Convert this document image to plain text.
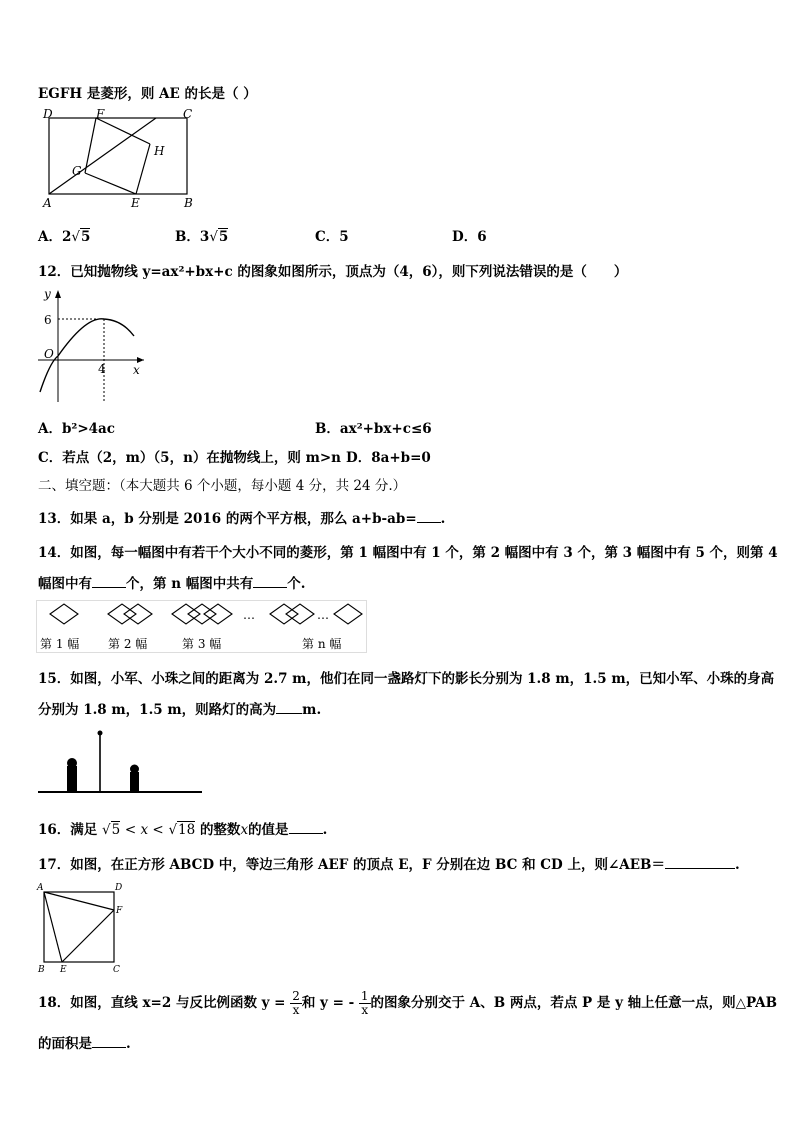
EGFH 是菱形，则 AE 的长是（ ）
D	F	C
H
G
A	E	B
A．2√5	B．3√5	C．5	D．6
12．已知抛物线 y=ax²+bx+c 的图象如图所示，顶点为（4，6），则下列说法错误的是（　　）
y
x
6
O
4
A．b²>4ac	B．ax²+bx+c≤6
C．若点（2，m）（5，n）在抛物线上，则 m>n D．8a+b=0
二、填空题：（本大题共 6 个小题，每小题 4 分，共 24 分.）
13．如果 a，b 分别是 2016 的两个平方根，那么 a+b-ab= .
14．如图，每一幅图中有若干个大小不同的菱形，第 1 幅图中有 1 个，第 2 幅图中有 3 个，第 3 幅图中有 5 个，则第 4
幅图中有	个，第 n 幅图中共有	个.
…	…
第 1 幅 第 2 幅	第 3 幅	第 n 幅
15．如图，小军、小珠之间的距离为 2.7 m，他们在同一盏路灯下的影长分别为 1.8 m，1.5 m，已知小军、小珠的身高
分别为 1.8 m，1.5 m，则路灯的高为 m.
16．满足 √5 < x < √18 的整数x的值是	.
17．如图，在正方形 ABCD 中，等边三角形 AEF 的顶点 E，F 分别在边 BC 和 CD 上，则∠AEB＝	.
A	D
F
B E	C
18．如图，直线 x=2 与反比例函数 $y = \frac{2}{x}$ 和 y = - $\frac{1}{x}$ 的图象分别交于 A、B 两点，若点 P 是 y 轴上任意一点，则△PAB
的面积是	.
